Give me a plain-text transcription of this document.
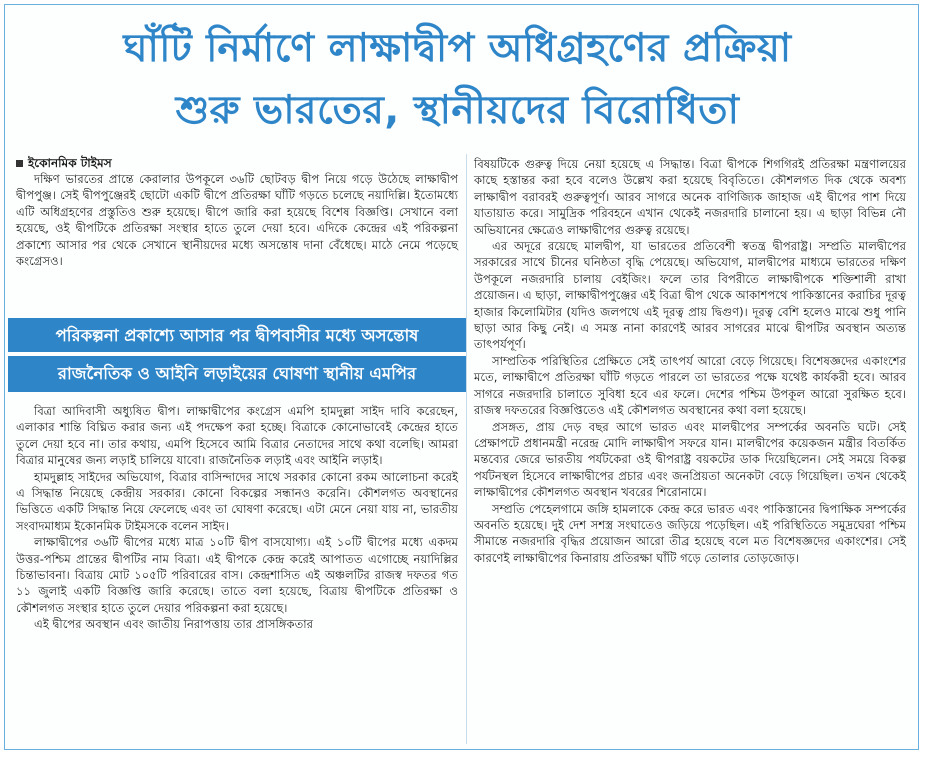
ঘাঁটি নির্মাণে লাক্ষাদ্বীপ অধিগ্রহণের প্রক্রিয়া
শুরু ভারতের, স্থানীয়দের বিরোধিতা
ইকোনমিক টাইমস

দক্ষিণ ভারতের প্রান্তে কেরালার উপকূলে ৩৬টি ছোটবড় দ্বীপ নিয়ে গড়ে উঠেছে লাক্ষাদ্বীপ দ্বীপপুঞ্জ। সেই দ্বীপপুঞ্জেরই ছোটো একটি দ্বীপে প্রতিরক্ষা ঘাঁটি গড়তে চলেছে নয়াদিল্লি। ইতোমধ্যে এটি অধিগ্রহণের প্রস্তুতিও শুরু হয়েছে। দ্বীপে জারি করা হয়েছে বিশেষ বিজ্ঞপ্তি। সেখানে বলা হয়েছে, ওই দ্বীপটিকে প্রতিরক্ষা সংস্থার হাতে তুলে দেয়া হবে। এদিকে কেন্দ্রের এই পরিকল্পনা প্রকাশ্যে আসার পর থেকে সেখানে স্থানীয়দের মধ্যে অসন্তোষ দানা বেঁধেছে। মাঠে নেমে পড়েছে কংগ্রেসও।

পরিকল্পনা প্রকাশ্যে আসার পর দ্বীপবাসীর মধ্যে অসন্তোষ
রাজনৈতিক ও আইনি লড়াইয়ের ঘোষণা স্থানীয় এমপির

বিত্রা আদিবাসী অধ্যুষিত দ্বীপ। লাক্ষাদ্বীপের কংগ্রেস এমপি হামদুল্লা সাইদ দাবি করেছেন, এলাকার শান্তি বিঘ্নিত করার জন্য এই পদক্ষেপ করা হচ্ছে। বিত্রাকে কোনোভাবেই কেন্দ্রের হাতে তুলে দেয়া হবে না। তার কথায়, এমপি হিসেবে আমি বিত্রার নেতাদের সাথে কথা বলেছি। আমরা বিত্রার মানুষের জন্য লড়াই চালিয়ে যাবো। রাজনৈতিক লড়াই এবং আইনি লড়াই।

হামদুল্লাহ সাইদের অভিযোগ, বিত্রার বাসিন্দাদের সাথে সরকার কোনো রকম আলোচনা করেই এ সিদ্ধান্ত নিয়েছে কেন্দ্রীয় সরকার। কোনো বিকল্পের সন্ধানও করেনি। কৌশলগত অবস্থানের ভিত্তিতে একটি সিদ্ধান্ত নিয়ে ফেলেছে এবং তা ঘোষণা করেছে। এটা মেনে নেয়া যায় না, ভারতীয় সংবাদমাধ্যম ইকোনমিক টাইমসকে বলেন সাইদ।

লাক্ষাদ্বীপের ৩৬টি দ্বীপের মধ্যে মাত্র ১০টি দ্বীপ বাসযোগ্য। এই ১০টি দ্বীপের মধ্যে একদম উত্তর-পশ্চিম প্রান্তের দ্বীপটির নাম বিত্রা। এই দ্বীপকে কেন্দ্র করেই আপাতত এগোচ্ছে নয়াদিল্লির চিন্তাভাবনা। বিত্রায় মোট ১০৫টি পরিবারের বাস। কেন্দ্রশাসিত এই অঞ্চলটির রাজস্ব দফতর গত ১১ জুলাই একটি বিজ্ঞপ্তি জারি করেছে। তাতে বলা হয়েছে, বিত্রায় দ্বীপটিকে প্রতিরক্ষা ও কৌশলগত সংস্থার হাতে তুলে দেয়ার পরিকল্পনা করা হয়েছে।

এই দ্বীপের অবস্থান এবং জাতীয় নিরাপত্তায় তার প্রাসঙ্গিকতার

বিষয়টিকে গুরুত্ব দিয়ে নেয়া হয়েছে এ সিদ্ধান্ত। বিত্রা দ্বীপকে শিগগিরই প্রতিরক্ষা মন্ত্রণালয়ের কাছে হস্তান্তর করা হবে বলেও উল্লেখ করা হয়েছে বিবৃতিতে। কৌশলগত দিক থেকে অবশ্য লাক্ষাদ্বীপ বরাবরই গুরুত্বপূর্ণ। আরব সাগরে অনেক বাণিজ্যিক জাহাজ এই দ্বীপের পাশ দিয়ে যাতায়াত করে। সামুদ্রিক পরিবহনে এখান থেকেই নজরদারি চালানো হয়। এ ছাড়া বিভিন্ন নৌ অভিযানের ক্ষেত্রেও লাক্ষাদ্বীপের গুরুত্ব রয়েছে।

এর অদূরে রয়েছে মালদ্বীপ, যা ভারতের প্রতিবেশী স্বতন্ত্র দ্বীপরাষ্ট্র। সম্প্রতি মালদ্বীপের সরকারের সাথে চীনের ঘনিষ্ঠতা বৃদ্ধি পেয়েছে। অভিযোগ, মালদ্বীপের মাধ্যমে ভারতের দক্ষিণ উপকূলে নজরদারি চালায় বেইজিং। ফলে তার বিপরীতে লাক্ষাদ্বীপকে শক্তিশালী রাখা প্রয়োজন। এ ছাড়া, লাক্ষাদ্বীপপুঞ্জের এই বিত্রা দ্বীপ থেকে আকাশপথে পাকিস্তানের করাচির দূরত্ব হাজার কিলোমিটার (যদিও জলপথে এই দূরত্ব প্রায় দ্বিগুণ)। দূরত্ব বেশি হলেও মাঝে শুধু পানি ছাড়া আর কিছু নেই। এ সমস্ত নানা কারণেই আরব সাগরের মাঝে দ্বীপটির অবস্থান অত্যন্ত তাৎপর্যপূর্ণ।

সাম্প্রতিক পরিস্থিতির প্রেক্ষিতে সেই তাৎপর্য আরো বেড়ে গিয়েছে। বিশেষজ্ঞদের একাংশের মতে, লাক্ষাদ্বীপে প্রতিরক্ষা ঘাঁটি গড়তে পারলে তা ভারতের পক্ষে যথেষ্ট কার্যকরী হবে। আরব সাগরে নজরদারি চালাতে সুবিধা হবে এর ফলে। দেশের পশ্চিম উপকূল আরো সুরক্ষিত হবে। রাজস্ব দফতরের বিজ্ঞপ্তিতেও এই কৌশলগত অবস্থানের কথা বলা হয়েছে।

প্রসঙ্গত, প্রায় দেড় বছর আগে ভারত এবং মালদ্বীপের সম্পর্কের অবনতি ঘটে। সেই প্রেক্ষাপটে প্রধানমন্ত্রী নরেন্দ্র মোদি লাক্ষাদ্বীপ সফরে যান। মালদ্বীপের কয়েকজন মন্ত্রীর বিতর্কিত মন্তব্যের জেরে ভারতীয় পর্যটকেরা ওই দ্বীপরাষ্ট্র বয়কটের ডাক দিয়েছিলেন। সেই সময়ে বিকল্প পর্যটনস্থল হিসেবে লাক্ষাদ্বীপের প্রচার এবং জনপ্রিয়তা অনেকটা বেড়ে গিয়েছিল। তখন থেকেই লাক্ষাদ্বীপের কৌশলগত অবস্থান খবরের শিরোনামে।

সম্প্রতি পেহেলগামে জঙ্গি হামলাকে কেন্দ্র করে ভারত এবং পাকিস্তানের দ্বিপাক্ষিক সম্পর্কের অবনতি হয়েছে। দুই দেশ সশস্ত্র সংঘাতেও জড়িয়ে পড়েছিল। এই পরিস্থিতিতে সমুদ্রঘেরা পশ্চিম সীমান্তে নজরদারি বৃদ্ধির প্রয়োজন আরো তীব্র হয়েছে বলে মত বিশেষজ্ঞদের একাংশের। সেই কারণেই লাক্ষাদ্বীপের কিনারায় প্রতিরক্ষা ঘাঁটি গড়ে তোলার তোড়জোড়।
